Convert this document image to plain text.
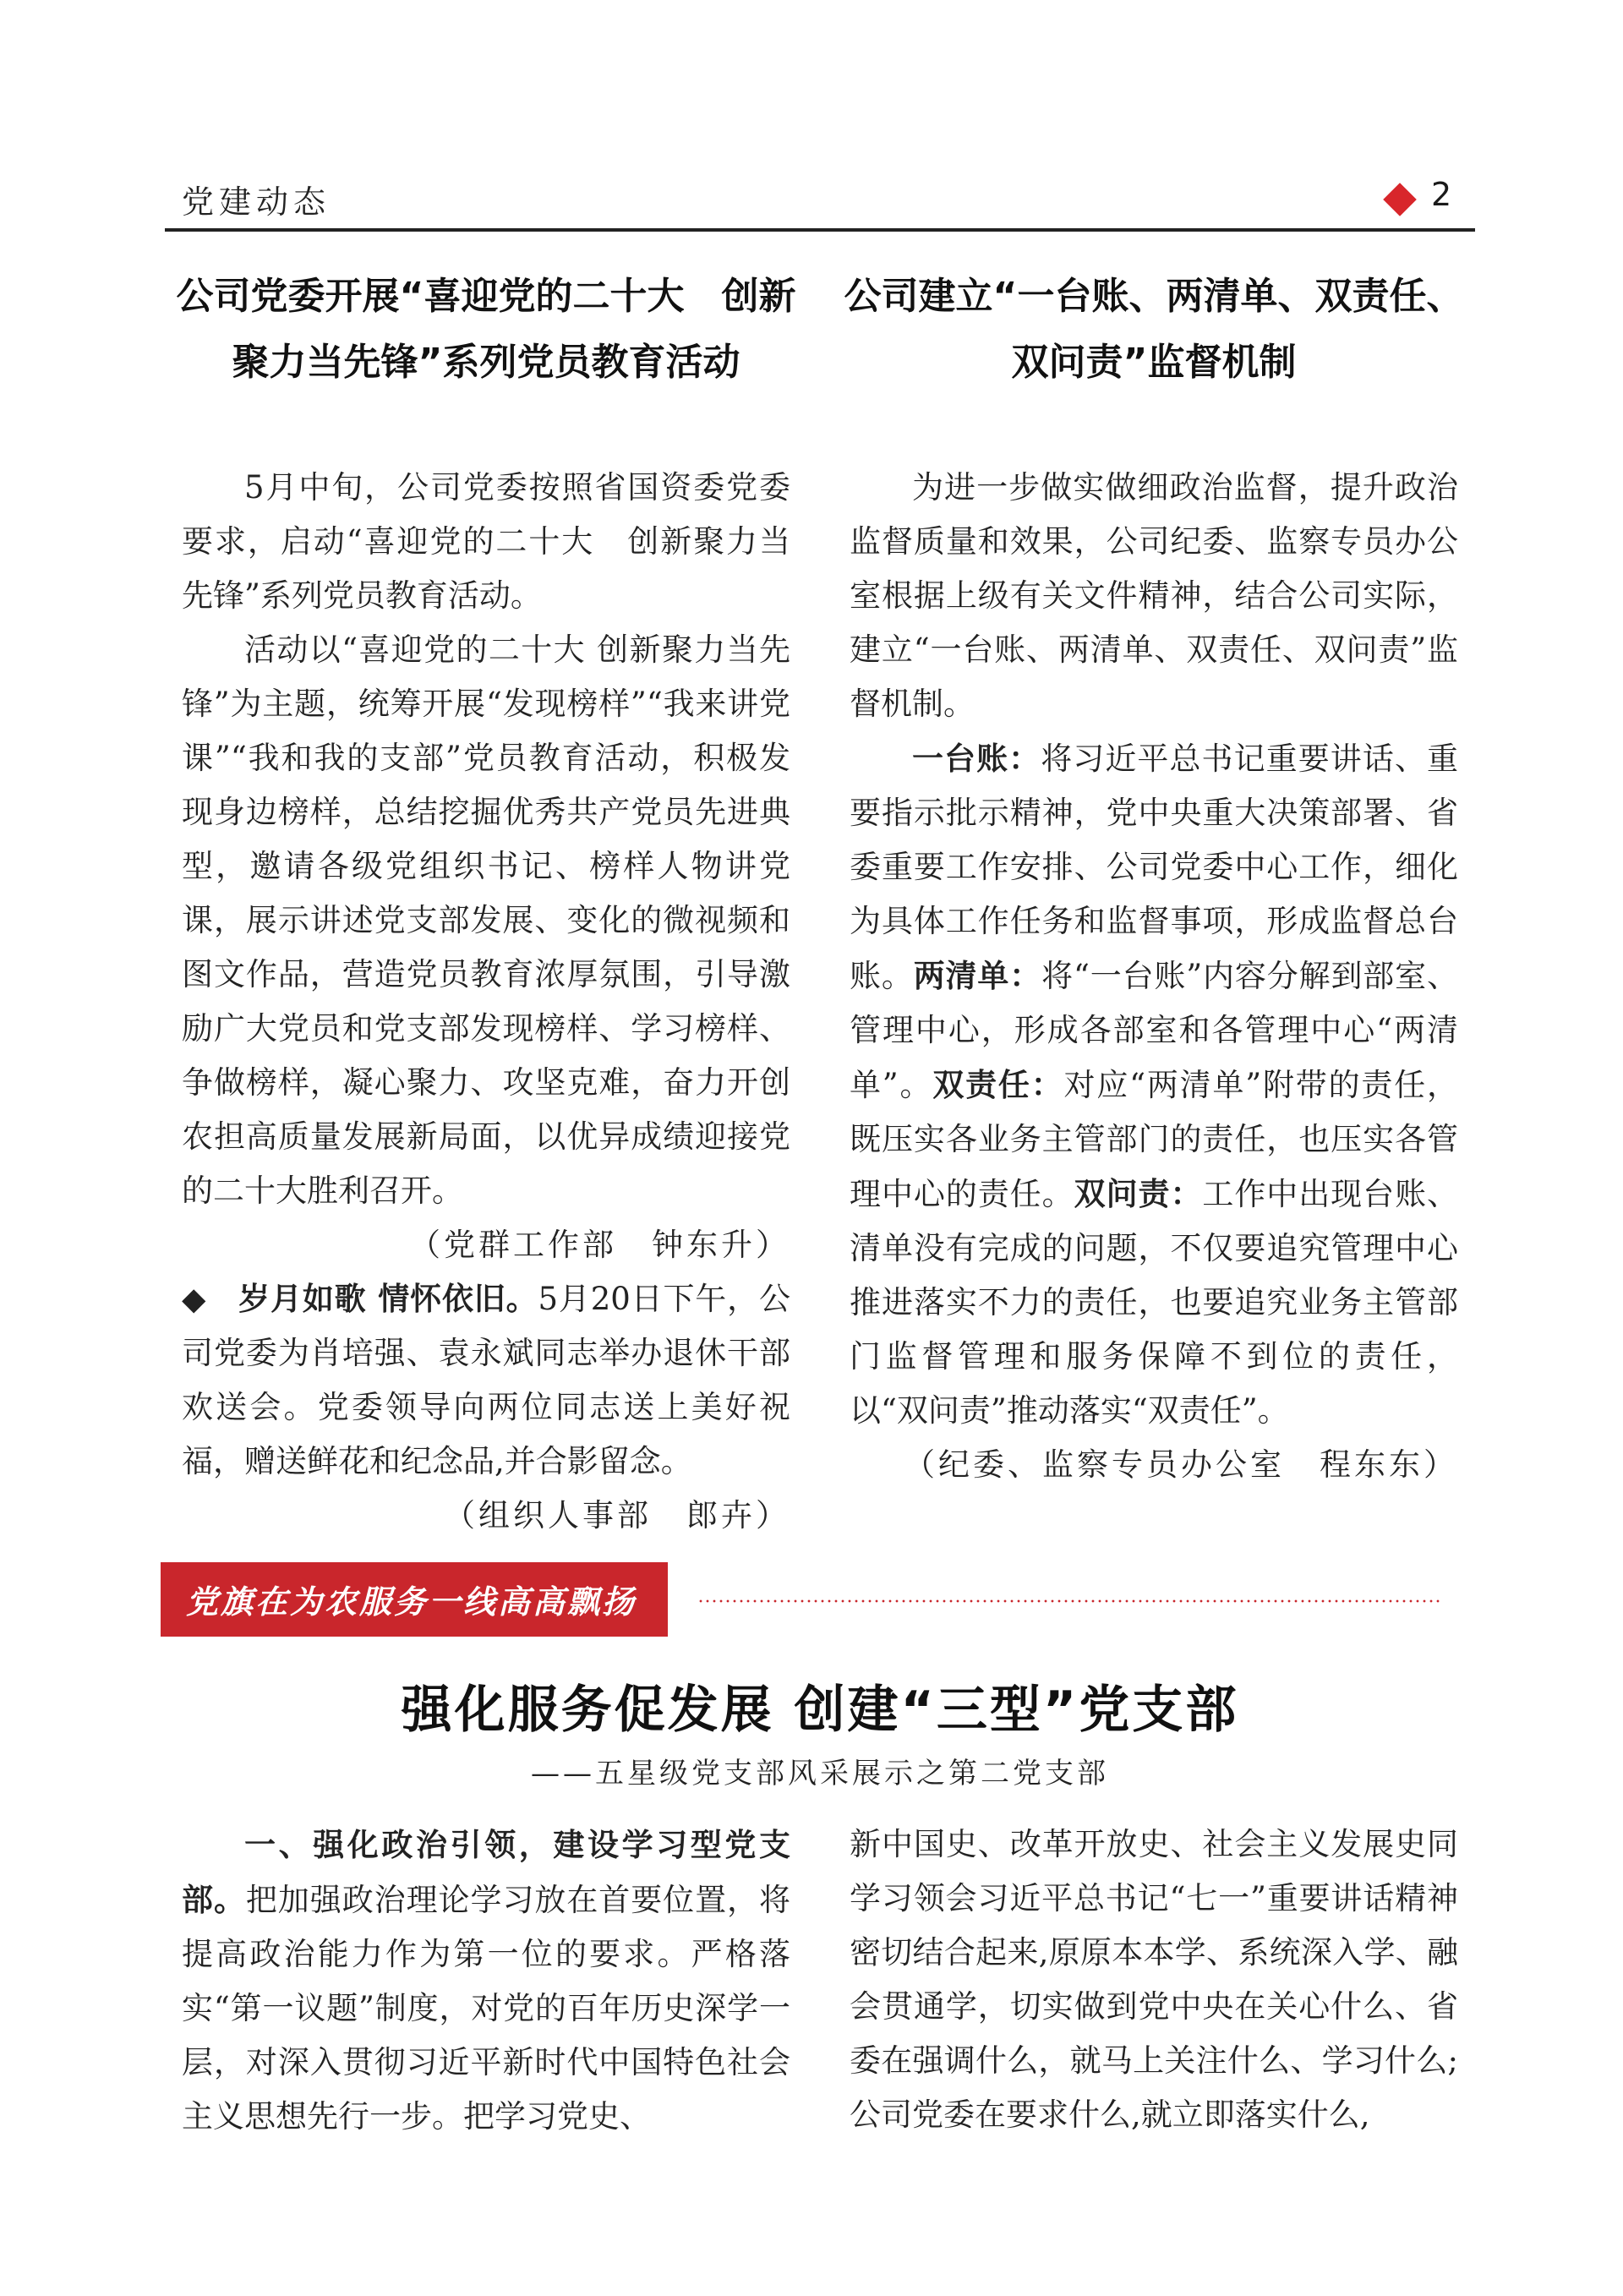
党建动态	2
公司党委开展“喜迎党的二十大　创新
聚力当先锋”系列党员教育活动

5月中旬，公司党委按照省国资委党委要求，启动“喜迎党的二十大　创新聚力当先锋”系列党员教育活动。

活动以“喜迎党的二十大 创新聚力当先锋”为主题，统筹开展“发现榜样”“我来讲党课”“我和我的支部”党员教育活动，积极发现身边榜样，总结挖掘优秀共产党员先进典型，邀请各级党组织书记、榜样人物讲党课，展示讲述党支部发展、变化的微视频和图文作品，营造党员教育浓厚氛围，引导激励广大党员和党支部发现榜样、学习榜样、争做榜样，凝心聚力、攻坚克难，奋力开创农担高质量发展新局面，以优异成绩迎接党的二十大胜利召开。

（党群工作部　钟东升）

◆　 岁月如歌 情怀依旧。5月20日下午，公司党委为肖培强、袁永斌同志举办退休干部欢送会。党委领导向两位同志送上美好祝福，赠送鲜花和纪念品,并合影留念。

（组织人事部　郎卉）

公司建立“一台账、两清单、双责任、
双问责”监督机制

为进一步做实做细政治监督，提升政治监督质量和效果，公司纪委、监察专员办公室根据上级有关文件精神，结合公司实际，建立“一台账、两清单、双责任、双问责”监督机制。

一台账：将习近平总书记重要讲话、重要指示批示精神，党中央重大决策部署、省委重要工作安排、公司党委中心工作，细化为具体工作任务和监督事项，形成监督总台账。两清单：将“一台账”内容分解到部室、管理中心，形成各部室和各管理中心“两清单”。双责任：对应“两清单”附带的责任，既压实各业务主管部门的责任，也压实各管理中心的责任。双问责：工作中出现台账、清单没有完成的问题，不仅要追究管理中心推进落实不力的责任，也要追究业务主管部门监督管理和服务保障不到位的责任，以“双问责”推动落实“双责任”。

（纪委、监察专员办公室　程东东）

党旗在为农服务一线高高飘扬
强化服务促发展 创建“三型”党支部
——五星级党支部风采展示之第二党支部

一、强化政治引领，建设学习型党支部。把加强政治理论学习放在首要位置，将提高政治能力作为第一位的要求。严格落实“第一议题”制度，对党的百年历史深学一层，对深入贯彻习近平新时代中国特色社会主义思想先行一步。把学习党史、

新中国史、改革开放史、社会主义发展史同学习领会习近平总书记“七一”重要讲话精神密切结合起来,原原本本学、系统深入学、融会贯通学，切实做到党中央在关心什么、省委在强调什么，就马上关注什么、学习什么;公司党委在要求什么,就立即落实什么,
